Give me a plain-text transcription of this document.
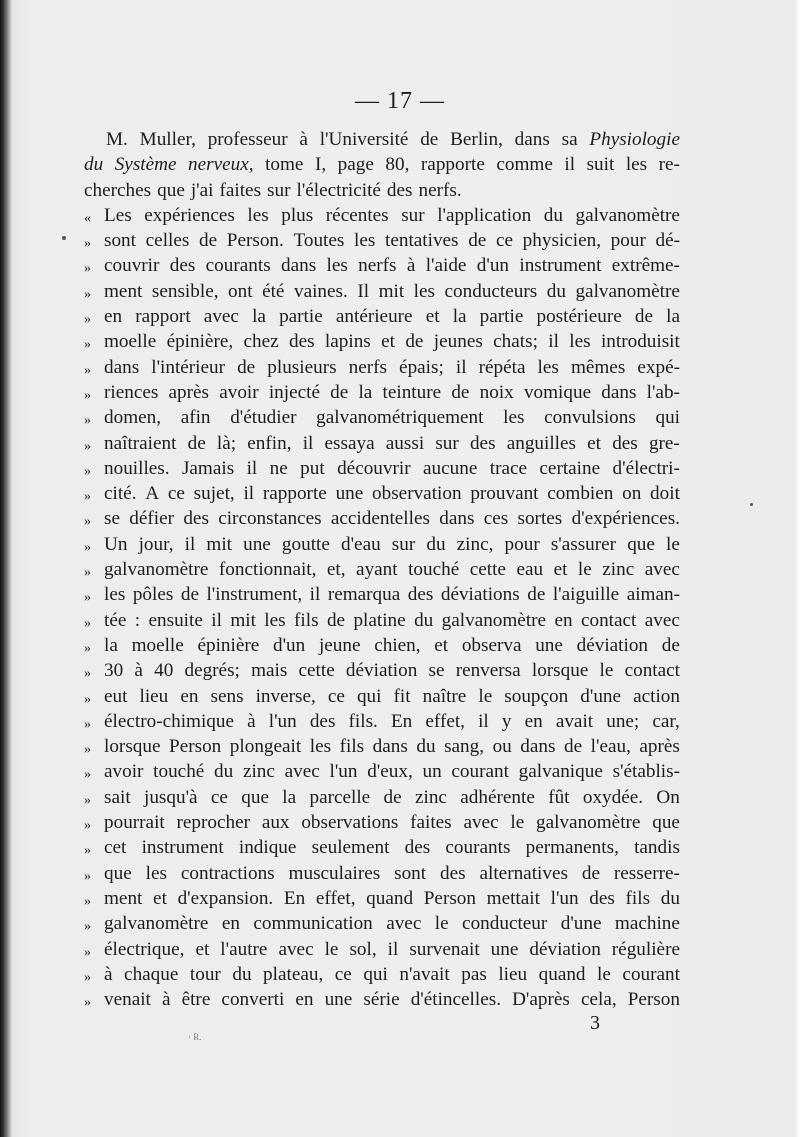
— 17 —
M. Muller, professeur à l'Université de Berlin, dans sa Physiologie
du Système nerveux, tome I, page 80, rapporte comme il suit les re-
cherches que j'ai faites sur l'électricité des nerfs.
« Les expériences les plus récentes sur l'application du galvanomètre
» sont celles de Person. Toutes les tentatives de ce physicien, pour dé-
» couvrir des courants dans les nerfs à l'aide d'un instrument extrême-
» ment sensible, ont été vaines. Il mit les conducteurs du galvanomètre
» en rapport avec la partie antérieure et la partie postérieure de la
» moelle épinière, chez des lapins et de jeunes chats; il les introduisit
» dans l'intérieur de plusieurs nerfs épais; il répéta les mêmes expé-
» riences après avoir injecté de la teinture de noix vomique dans l'ab-
» domen, afin d'étudier galvanométriquement les convulsions qui
» naîtraient de là; enfin, il essaya aussi sur des anguilles et des gre-
» nouilles. Jamais il ne put découvrir aucune trace certaine d'électri-
» cité. A ce sujet, il rapporte une observation prouvant combien on doit
» se défier des circonstances accidentelles dans ces sortes d'expériences.
» Un jour, il mit une goutte d'eau sur du zinc, pour s'assurer que le
» galvanomètre fonctionnait, et, ayant touché cette eau et le zinc avec
» les pôles de l'instrument, il remarqua des déviations de l'aiguille aiman-
» tée : ensuite il mit les fils de platine du galvanomètre en contact avec
» la moelle épinière d'un jeune chien, et observa une déviation de
» 30 à 40 degrés; mais cette déviation se renversa lorsque le contact
» eut lieu en sens inverse, ce qui fit naître le soupçon d'une action
» électro-chimique à l'un des fils. En effet, il y en avait une; car,
» lorsque Person plongeait les fils dans du sang, ou dans de l'eau, après
» avoir touché du zinc avec l'un d'eux, un courant galvanique s'établis-
» sait jusqu'à ce que la parcelle de zinc adhérente fût oxydée. On
» pourrait reprocher aux observations faites avec le galvanomètre que
» cet instrument indique seulement des courants permanents, tandis
» que les contractions musculaires sont des alternatives de resserre-
» ment et d'expansion. En effet, quand Person mettait l'un des fils du
» galvanomètre en communication avec le conducteur d'une machine
» électrique, et l'autre avec le sol, il survenait une déviation régulière
» à chaque tour du plateau, ce qui n'avait pas lieu quand le courant
» venait à être converti en une série d'étincelles. D'après cela, Person
3
· R.
